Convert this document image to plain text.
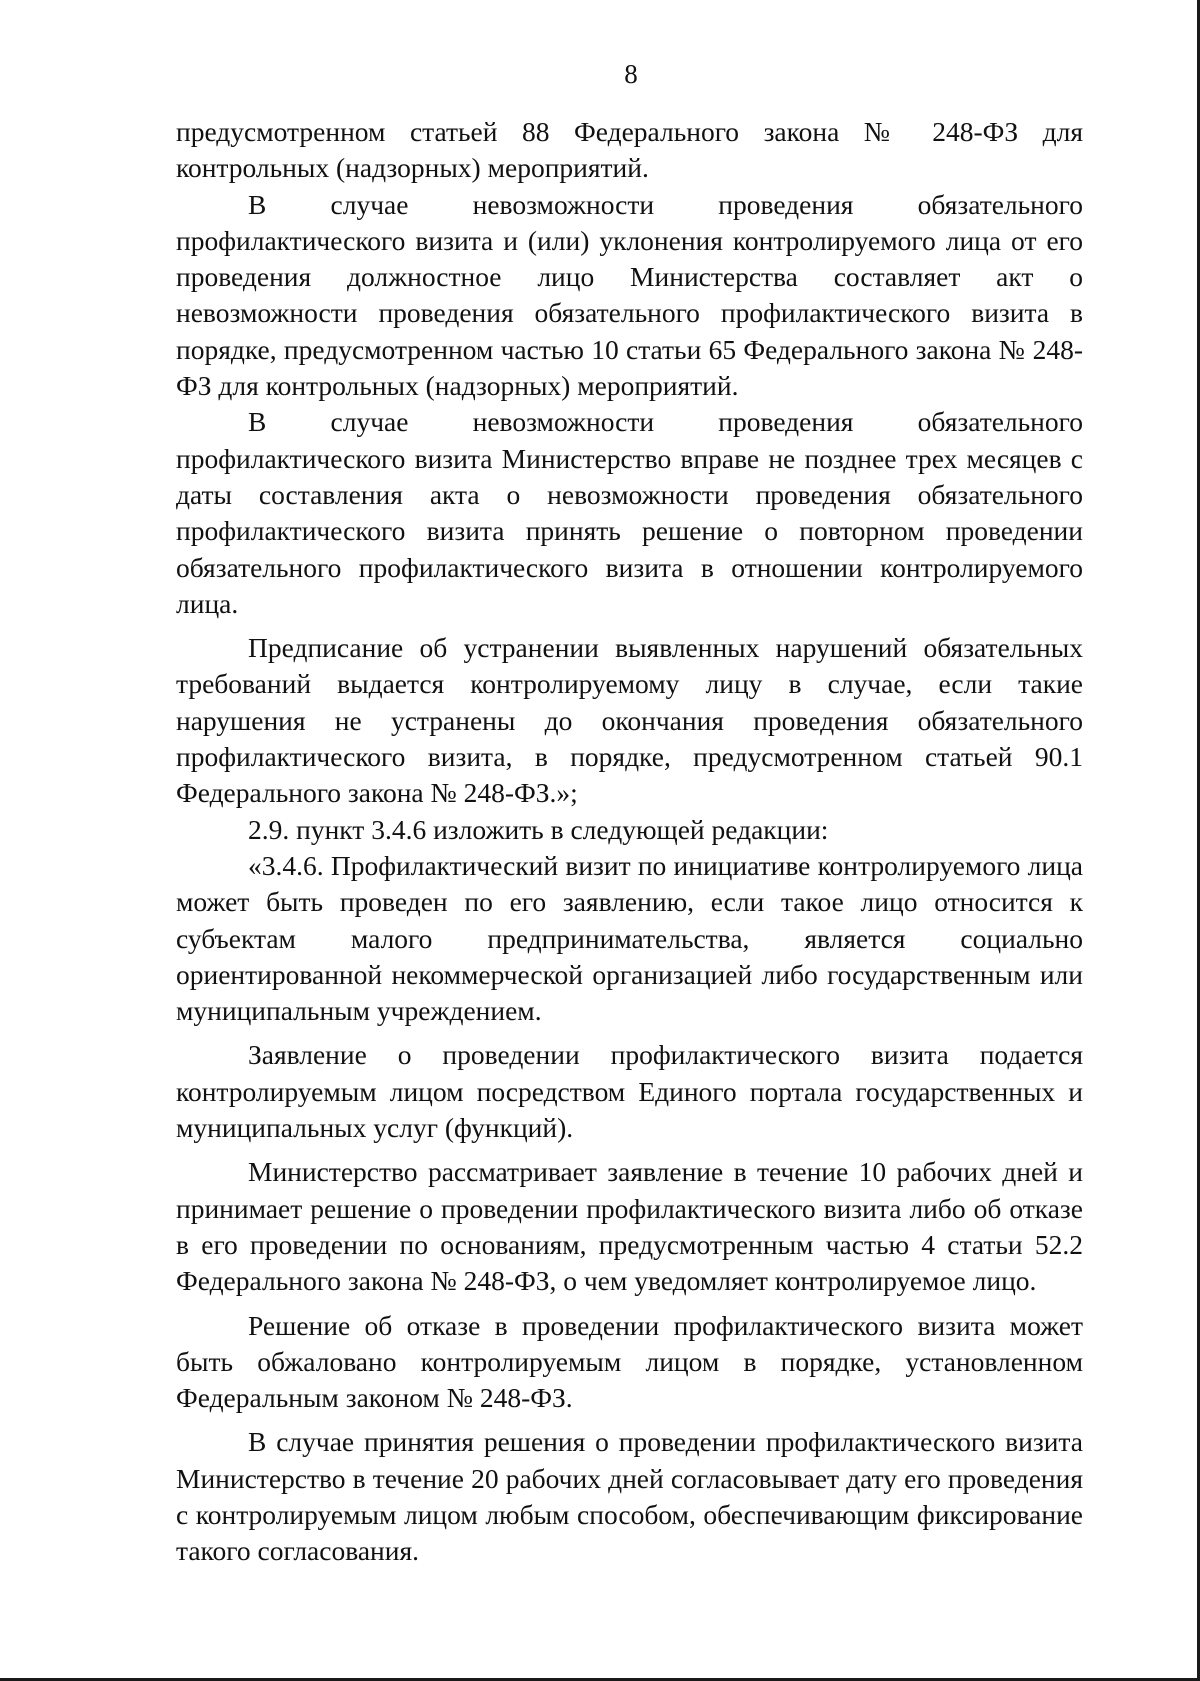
8

предусмотренном статьей 88 Федерального закона № 248-ФЗ для контрольных (надзорных) мероприятий.

В случае невозможности проведения обязательного профилактического визита и (или) уклонения контролируемого лица от его проведения должностное лицо Министерства составляет акт о невозможности проведения обязательного профилактического визита в порядке, предусмотренном частью 10 статьи 65 Федерального закона № 248-ФЗ для контрольных (надзорных) мероприятий.

В случае невозможности проведения обязательного профилактического визита Министерство вправе не позднее трех месяцев с даты составления акта о невозможности проведения обязательного профилактического визита принять решение о повторном проведении обязательного профилактического визита в отношении контролируемого лица.

Предписание об устранении выявленных нарушений обязательных требований выдается контролируемому лицу в случае, если такие нарушения не устранены до окончания проведения обязательного профилактического визита, в порядке, предусмотренном статьей 90.1 Федерального закона № 248-ФЗ.»;

2.9. пункт 3.4.6 изложить в следующей редакции:

«3.4.6. Профилактический визит по инициативе контролируемого лица может быть проведен по его заявлению, если такое лицо относится к субъектам малого предпринимательства, является социально ориентированной некоммерческой организацией либо государственным или муниципальным учреждением.

Заявление о проведении профилактического визита подается контролируемым лицом посредством Единого портала государственных и муниципальных услуг (функций).

Министерство рассматривает заявление в течение 10 рабочих дней и принимает решение о проведении профилактического визита либо об отказе в его проведении по основаниям, предусмотренным частью 4 статьи 52.2 Федерального закона № 248-ФЗ, о чем уведомляет контролируемое лицо.

Решение об отказе в проведении профилактического визита может быть обжаловано контролируемым лицом в порядке, установленном Федеральным законом № 248-ФЗ.

В случае принятия решения о проведении профилактического визита Министерство в течение 20 рабочих дней согласовывает дату его проведения с контролируемым лицом любым способом, обеспечивающим фиксирование такого согласования.
